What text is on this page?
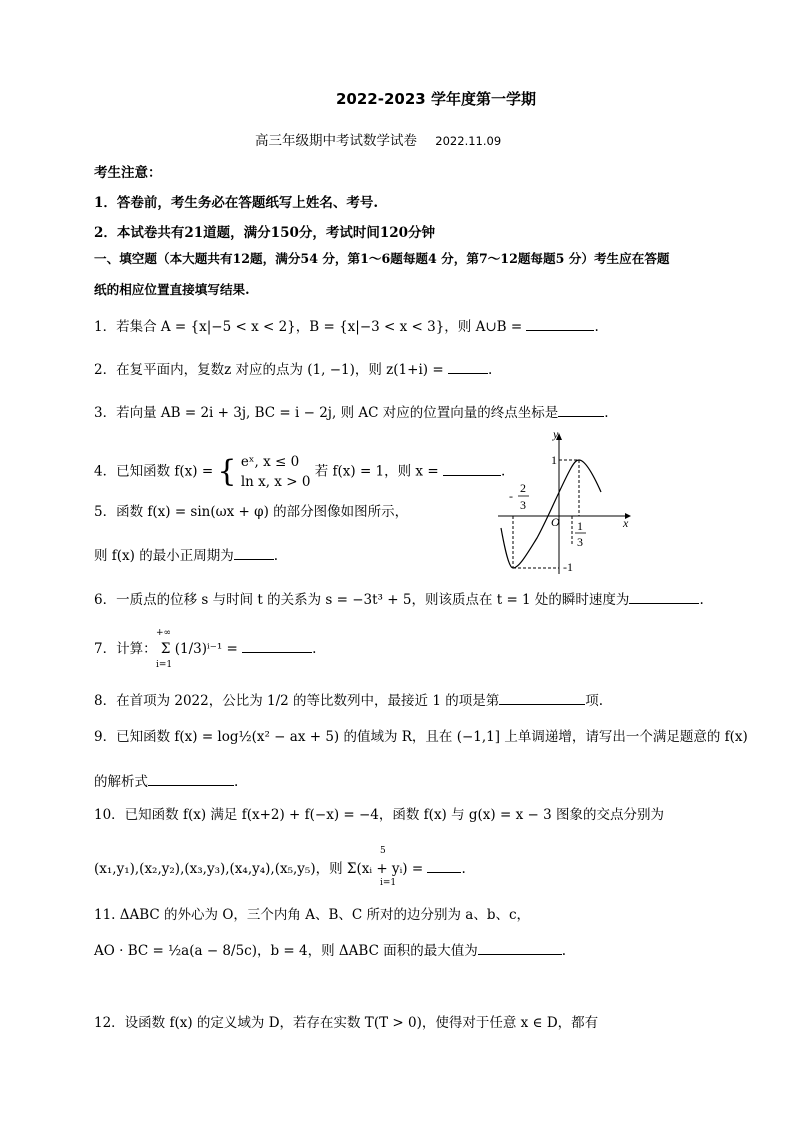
2022-2023 学年度第一学期
高三年级期中考试数学试卷 2022.11.09
考生注意：
1．答卷前，考生务必在答题纸写上姓名、考号.
2．本试卷共有21道题，满分150分，考试时间120分钟
一、填空题（本大题共有12题，满分54 分，第1～6题每题4 分，第7～12题每题5 分）考生应在答题
纸的相应位置直接填写结果.
1．若集合 A = {x|−5 < x < 2}，B = {x|−3 < x < 3}，则 A∪B =	.
2．在复平面内，复数z 对应的点为 (1, −1)，则 z(1+i) =	.
3．若向量 AB = 2i + 3j, BC = i − 2j, 则 AC 对应的位置向量的终点坐标是	.
4．已知函数 f(x) = { eˣ, x ≤ 0
ln x, x > 0
若 f(x) = 1，则 x =	.
5．函数 f(x) = sin(ωx + φ) 的部分图像如图所示，
则 f(x) 的最小正周期为	.
y
x
O
1
-1
-
2
3
1
3
6．一质点的位移 s 与时间 t 的关系为 s = −3t³ + 5，则该质点在 t = 1 处的瞬时速度为	.
+∞
i=1
7．计算： Σ (1/3)ⁱ⁻¹ =	.
8．在首项为 2022，公比为 1/2 的等比数列中，最接近 1 的项是第	项.
9．已知函数 f(x) = log½(x² − ax + 5) 的值域为 R，且在 (−1,1] 上单调递增，请写出一个满足题意的 f(x)
的解析式	.
10．已知函数 f(x) 满足 f(x+2) + f(−x) = −4，函数 f(x) 与 g(x) = x − 3 图象的交点分别为
5
i=1
(x₁,y₁),(x₂,y₂),(x₃,y₃),(x₄,y₄),(x₅,y₅)，则 Σ(xᵢ + yᵢ) =	.
11. ΔABC 的外心为 O，三个内角 A、B、C 所对的边分别为 a、b、c，
AO · BC = ½a(a − 8/5c)，b = 4，则 ΔABC 面积的最大值为	.
12．设函数 f(x) 的定义域为 D，若存在实数 T(T > 0)，使得对于任意 x ∈ D，都有
